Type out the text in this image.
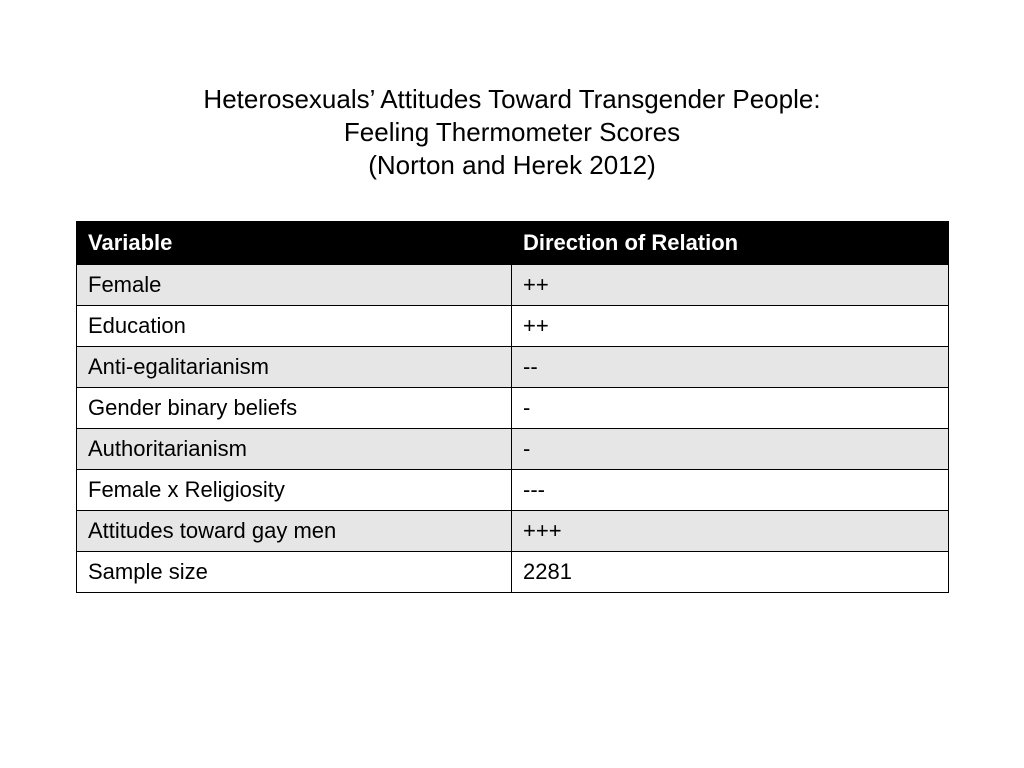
Heterosexuals’ Attitudes Toward Transgender People:
Feeling Thermometer Scores
(Norton and Herek 2012)
Variable	Direction of Relation
Female	++
Education	++
Anti-egalitarianism	--
Gender binary beliefs	-
Authoritarianism	-
Female x Religiosity	---
Attitudes toward gay men	+++
Sample size	2281
